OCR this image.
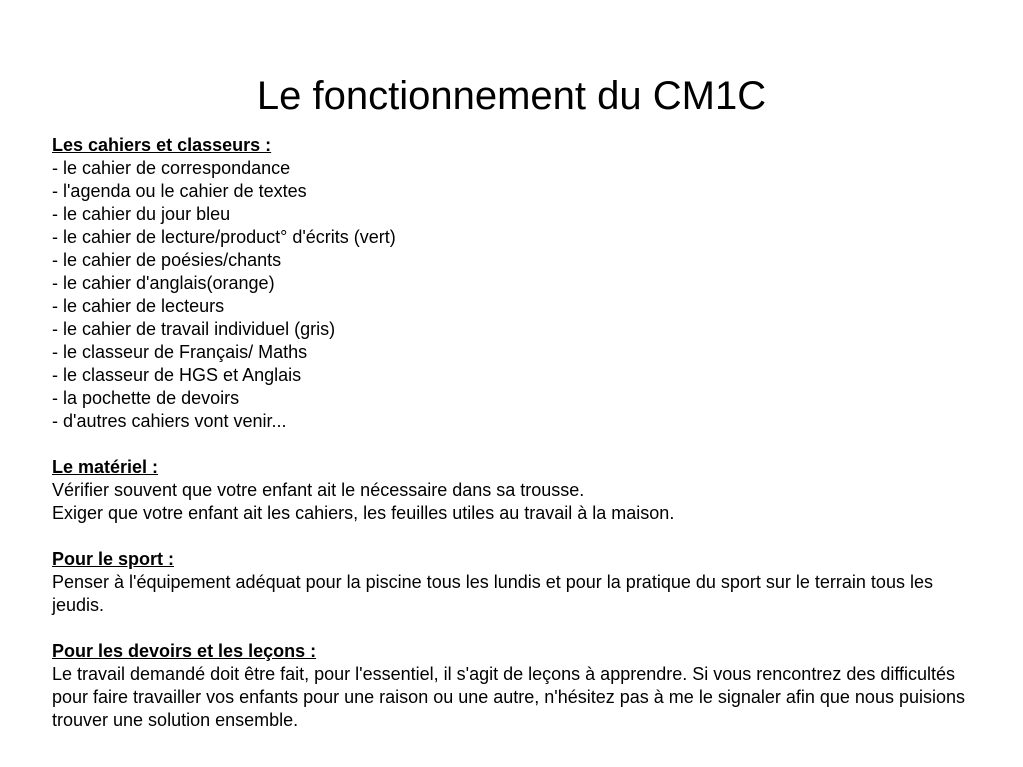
Le fonctionnement du CM1C
Les cahiers et classeurs :
- le cahier de correspondance
- l'agenda ou le cahier de textes
- le cahier du jour bleu
- le cahier de lecture/product° d'écrits (vert)
- le cahier de poésies/chants
- le cahier d'anglais(orange)
- le cahier de lecteurs
- le cahier de travail individuel (gris)
- le classeur de Français/ Maths
- le classeur de HGS et Anglais
- la pochette de devoirs
- d'autres cahiers vont venir...
Le matériel :
Vérifier souvent que votre enfant ait le nécessaire dans sa trousse.
Exiger que votre enfant ait les cahiers, les feuilles utiles au travail à la maison.
Pour le sport :
Penser à l'équipement adéquat pour la piscine tous les lundis et pour la pratique du sport sur le terrain tous les jeudis.
Pour les devoirs et les leçons :
Le travail demandé doit être fait, pour l'essentiel, il s'agit de leçons à apprendre. Si vous rencontrez des difficultés pour faire travailler vos enfants pour une raison ou une autre, n'hésitez pas à me le signaler afin que nous puisions trouver une solution ensemble.
